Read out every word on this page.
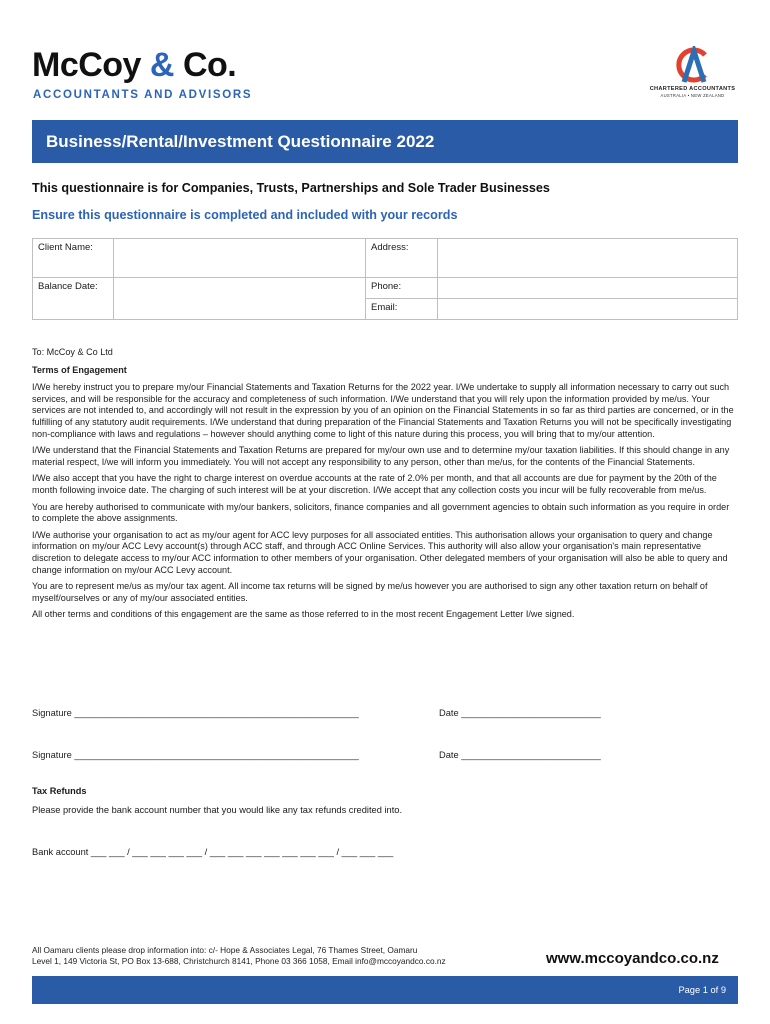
McCoy & Co.
ACCOUNTANTS AND ADVISORS	CHARTERED ACCOUNTANTS
AUSTRALIA • NEW ZEALAND
Business/Rental/Investment Questionnaire 2022
This questionnaire is for Companies, Trusts, Partnerships and Sole Trader Businesses
Ensure this questionnaire is completed and included with your records
Client Name:		Address:	
Balance Date:		Phone:	
		Email:	

To: McCoy & Co Ltd

Terms of Engagement

I/We hereby instruct you to prepare my/our Financial Statements and Taxation Returns for the 2022 year. I/We undertake to supply all information necessary to carry out such services, and will be responsible for the accuracy and completeness of such information. I/We understand that you will rely upon the information provided by me/us. Your services are not intended to, and accordingly will not result in the expression by you of an opinion on the Financial Statements in so far as third parties are concerned, or in the fulfilling of any statutory audit requirements. I/We understand that during preparation of the Financial Statements and Taxation Returns you will not be specifically investigating non-compliance with laws and regulations – however should anything come to light of this nature during this process, you will bring that to my/our attention.

I/We understand that the Financial Statements and Taxation Returns are prepared for my/our own use and to determine my/our taxation liabilities. If this should change in any material respect, I/we will inform you immediately. You will not accept any responsibility to any person, other than me/us, for the contents of the Financial Statements.

I/We also accept that you have the right to charge interest on overdue accounts at the rate of 2.0% per month, and that all accounts are due for payment by the 20th of the month following invoice date. The charging of such interest will be at your discretion. I/We accept that any collection costs you incur will be fully recoverable from me/us.

You are hereby authorised to communicate with my/our bankers, solicitors, finance companies and all government agencies to obtain such information as you require in order to complete the above assignments.

I/We authorise your organisation to act as my/our agent for ACC levy purposes for all associated entities. This authorisation allows your organisation to query and change information on my/our ACC Levy account(s) through ACC staff, and through ACC Online Services. This authority will also allow your organisation's main representative discretion to delegate access to my/our ACC information to other members of your organisation. Other delegated members of your organisation will also be able to query and change information on my/our ACC Levy account.

You are to represent me/us as my/our tax agent. All income tax returns will be signed by me/us however you are authorised to sign any other taxation return on behalf of myself/ourselves or any of my/our associated entities.

All other terms and conditions of this engagement are the same as those referred to in the most recent Engagement Letter I/we signed.

Signature _______________________________________________________	Date ___________________________
Signature _______________________________________________________	Date ___________________________
Tax Refunds
Please provide the bank account number that you would like any tax refunds credited into.
Bank account ___ ___ / ___ ___ ___ ___ / ___ ___ ___ ___ ___ ___ ___ / ___ ___ ___
All Oamaru clients please drop information into: c/- Hope & Associates Legal, 76 Thames Street, Oamaru
Level 1, 149 Victoria St, PO Box 13-688, Christchurch 8141, Phone 03 366 1058, Email info@mccoyandco.co.nz	www.mccoyandco.co.nz
Page 1 of 9
